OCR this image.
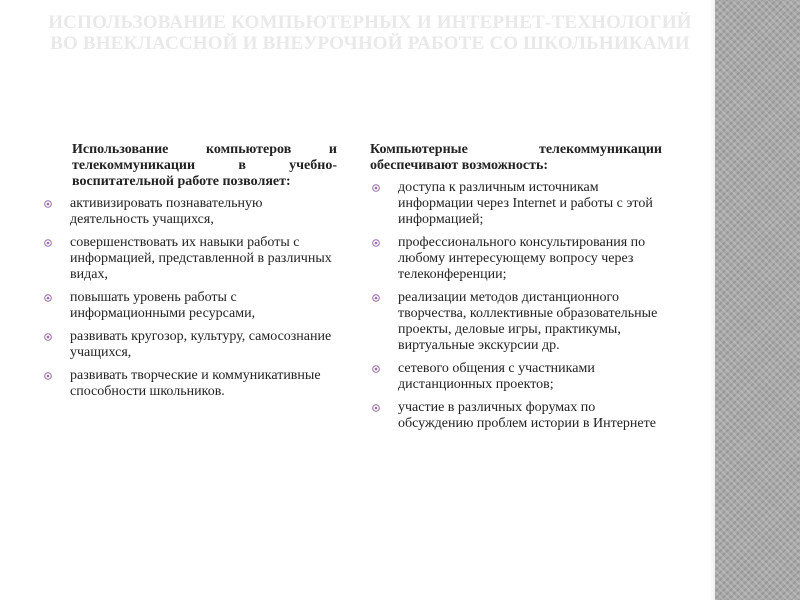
ИСПОЛЬЗОВАНИЕ КОМПЬЮТЕРНЫХ И ИНТЕРНЕТ-ТЕХНОЛОГИЙ ВО ВНЕКЛАССНОЙ И ВНЕУРОЧНОЙ РАБОТЕ СО ШКОЛЬНИКАМИ
Использование компьютеров и телекоммуникации в учебно-воспитательной работе позволяет:
активизировать познавательную деятельность учащихся,
совершенствовать их навыки работы с информацией, представленной в различных видах,
повышать уровень работы с информационными ресурсами,
развивать кругозор, культуру, самосознание учащихся,
развивать творческие и коммуникативные способности школьников.
Компьютерные телекоммуникации обеспечивают возможность:
доступа к различным источникам информации через Internet и работы с этой информацией;
профессионального консультирования по любому интересующему вопросу через телеконференции;
реализации методов дистанционного творчества, коллективные образовательные проекты, деловые игры, практикумы, виртуальные экскурсии др.
сетевого общения с участниками дистанционных проектов;
участие в различных форумах по обсуждению проблем истории в Интернете
